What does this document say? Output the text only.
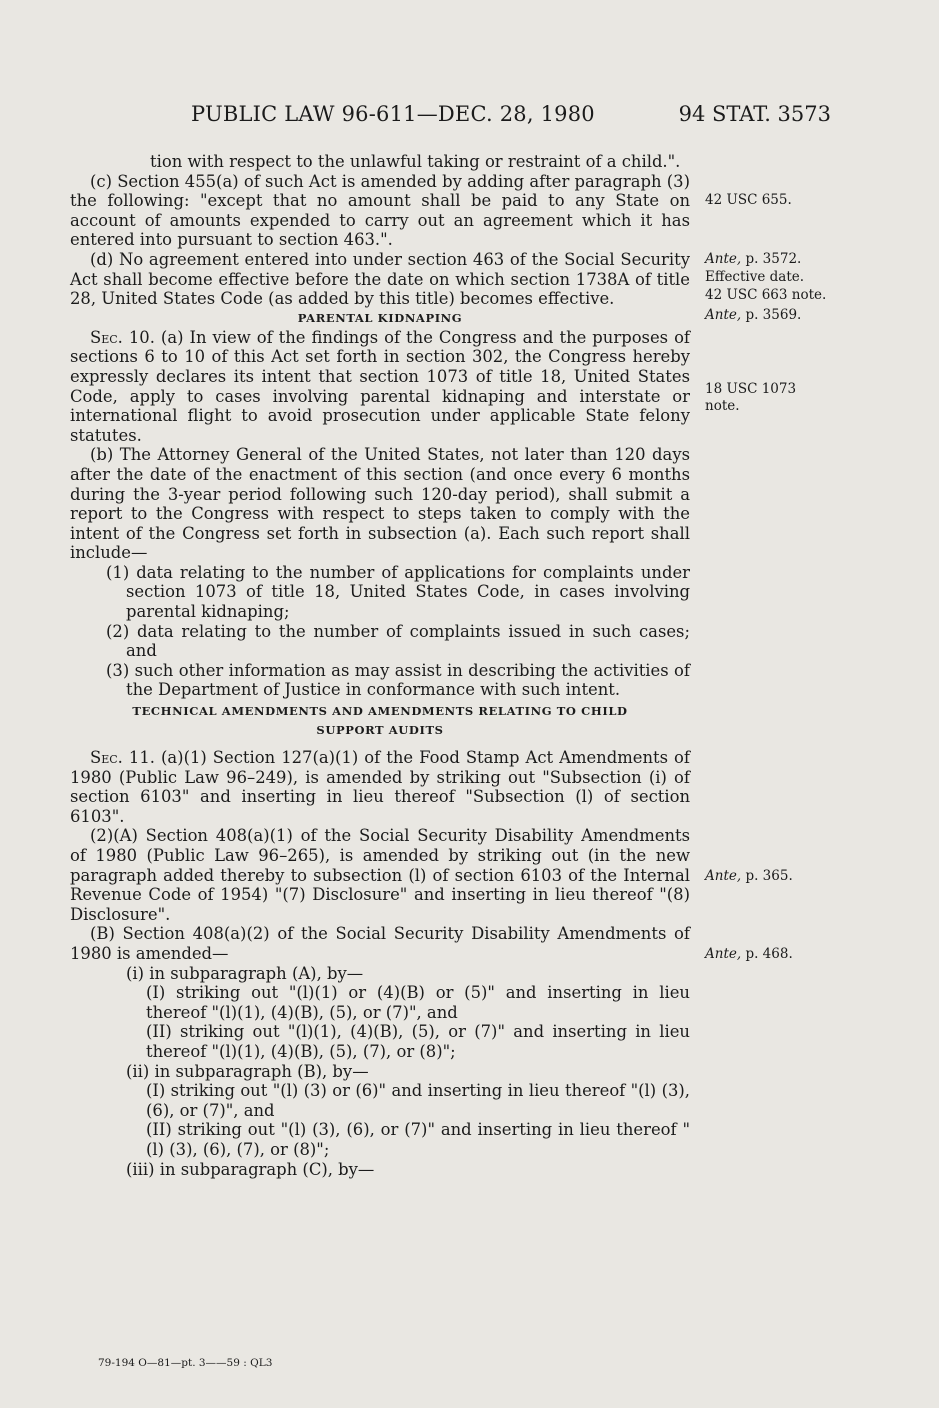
PUBLIC LAW 96-611—DEC. 28, 1980	94 STAT. 3573

tion with respect to the unlawful taking or restraint of a child.".

(c) Section 455(a) of such Act is amended by adding after paragraph (3) the following: "except that no amount shall be paid to any State on account of amounts expended to carry out an agreement which it has entered into pursuant to section 463.".

(d) No agreement entered into under section 463 of the Social Security Act shall become effective before the date on which section 1738A of title 28, United States Code (as added by this title) becomes effective.

PARENTAL KIDNAPING

Sec. 10. (a) In view of the findings of the Congress and the purposes of sections 6 to 10 of this Act set forth in section 302, the Congress hereby expressly declares its intent that section 1073 of title 18, United States Code, apply to cases involving parental kidnaping and interstate or international flight to avoid prosecution under applicable State felony statutes.

(b) The Attorney General of the United States, not later than 120 days after the date of the enactment of this section (and once every 6 months during the 3-year period following such 120-day period), shall submit a report to the Congress with respect to steps taken to comply with the intent of the Congress set forth in subsection (a). Each such report shall include—

(1) data relating to the number of applications for complaints under section 1073 of title 18, United States Code, in cases involving parental kidnaping;

(2) data relating to the number of complaints issued in such cases; and

(3) such other information as may assist in describing the activities of the Department of Justice in conformance with such intent.

TECHNICAL AMENDMENTS AND AMENDMENTS RELATING TO CHILD

SUPPORT AUDITS

Sec. 11. (a)(1) Section 127(a)(1) of the Food Stamp Act Amendments of 1980 (Public Law 96–249), is amended by striking out "Subsection (i) of section 6103" and inserting in lieu thereof "Subsection (l) of section 6103".

(2)(A) Section 408(a)(1) of the Social Security Disability Amendments of 1980 (Public Law 96–265), is amended by striking out (in the new paragraph added thereby to subsection (l) of section 6103 of the Internal Revenue Code of 1954) "(7) Disclosure" and inserting in lieu thereof "(8) Disclosure".

(B) Section 408(a)(2) of the Social Security Disability Amendments of 1980 is amended—

(i) in subparagraph (A), by—

(I) striking out "(l)(1) or (4)(B) or (5)" and inserting in lieu thereof "(l)(1), (4)(B), (5), or (7)", and

(II) striking out "(l)(1), (4)(B), (5), or (7)" and inserting in lieu thereof "(l)(1), (4)(B), (5), (7), or (8)";

(ii) in subparagraph (B), by—

(I) striking out "(l) (3) or (6)" and inserting in lieu thereof "(l) (3), (6), or (7)", and

(II) striking out "(l) (3), (6), or (7)" and inserting in lieu thereof "(l) (3), (6), (7), or (8)";

(iii) in subparagraph (C), by—

42 USC 655.
Ante, p. 3572.
Effective date.
42 USC 663 note.
Ante, p. 3569.
18 USC 1073
note.
Ante, p. 365.
Ante, p. 468.
79-194 O—81—pt. 3——59 : QL3
